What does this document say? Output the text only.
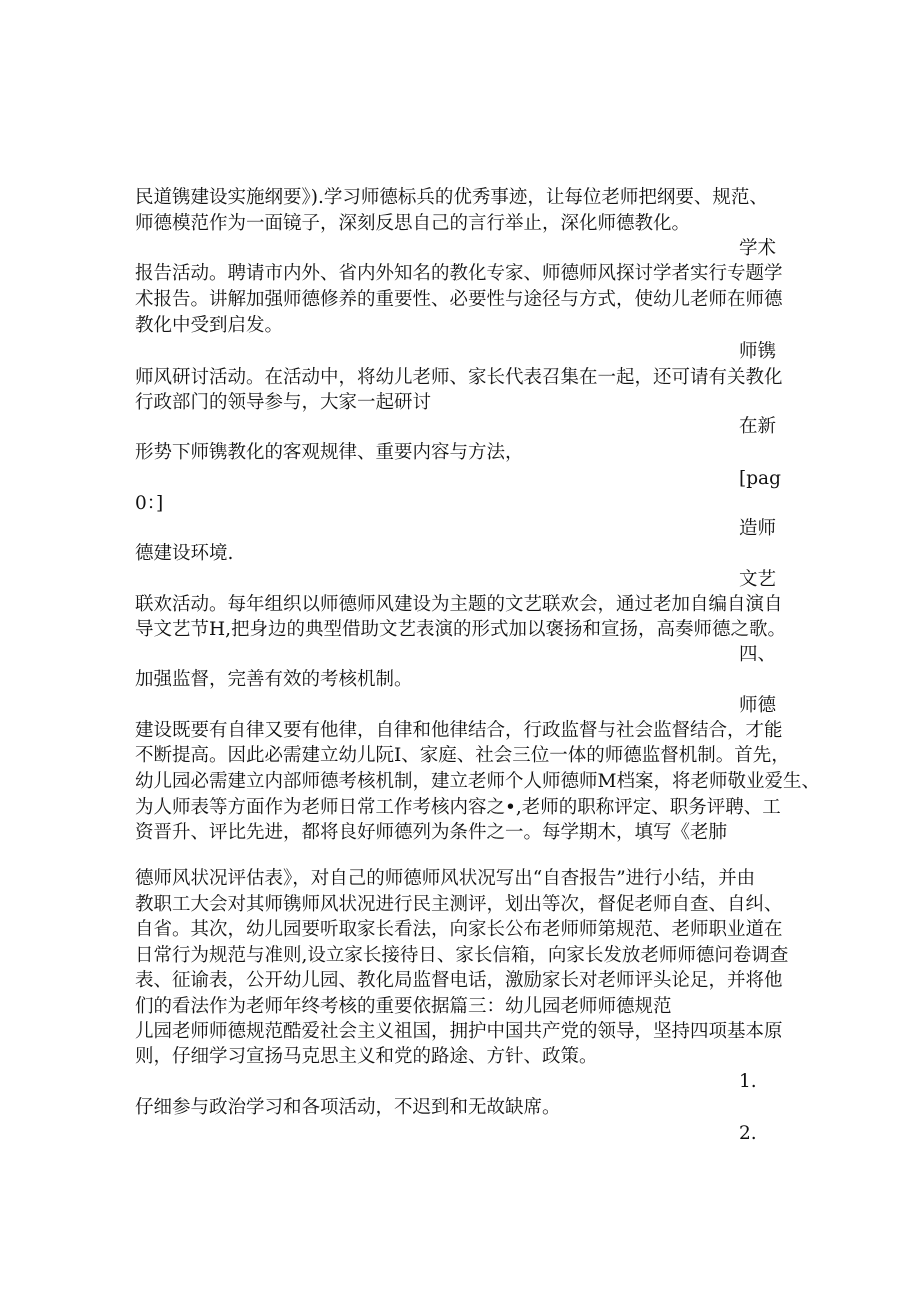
民道镌建设实施纲要》).学习师德标兵的优秀事迹，让每位老师把纲要、规范、
师德模范作为一面镜子，深刻反思自己的言行举止，深化师德教化。
学术
报告活动。聘请市内外、省内外知名的教化专家、师德师风探讨学者实行专题学
术报告。讲解加强师德修养的重要性、必要性与途径与方式，使幼儿老师在师德
教化中受到启发。
师镌
师风研讨活动。在活动中，将幼儿老师、家长代表召集在一起，还可请有关教化
行政部门的领导参与，大家一起研讨
在新
形势下师镌教化的客观规律、重要内容与方法，
[pag
0：]
造师
德建设环境.
文艺
联欢活动。每年组织以师德师风建设为主题的文艺联欢会，通过老加自编自演自
导文艺节H,把身边的典型借助文艺表演的形式加以褒扬和宣扬，高奏师德之歌。
四、
加强监督，完善有效的考核机制。
师德
建设既要有自律又要有他律，自律和他律结合，行政监督与社会监督结合，才能
不断提高。因此必需建立幼儿阮I、家庭、社会三位一体的师德监督机制。首先，
幼儿园必需建立内部师德考核机制，建立老师个人师德师M档案，将老师敬业爱生、
为人师表等方面作为老师日常工作考核内容之•,老师的职称评定、职务评聘、工
资晋升、评比先进，都将良好师德列为条件之一。每学期木，填写《老肺
德师风状况评估表》，对自己的师德师风状况写出“自杳报告”进行小结，并由
教职工大会对其师镌师风状况进行民主测评，划出等次，督促老师自查、自纠、
自省。其次，幼儿园要听取家长看法，向家长公布老师师第规范、老师职业道在
日常行为规范与准则,设立家长接待日、家长信箱，向家长发放老师师德问卷调查
表、征谕表，公开幼儿园、教化局监督电话，激励家长对老师评头论足，并将他
们的看法作为老师年终考核的重要依据篇三：幼儿园老师师德规范
儿园老师师德规范酷爱社会主义祖国，拥护中国共产党的领导，坚持四项基本原
则，仔细学习宣扬马克思主义和党的路途、方针、政策。
1.
仔细参与政治学习和各项活动，不迟到和无故缺席。
2.
